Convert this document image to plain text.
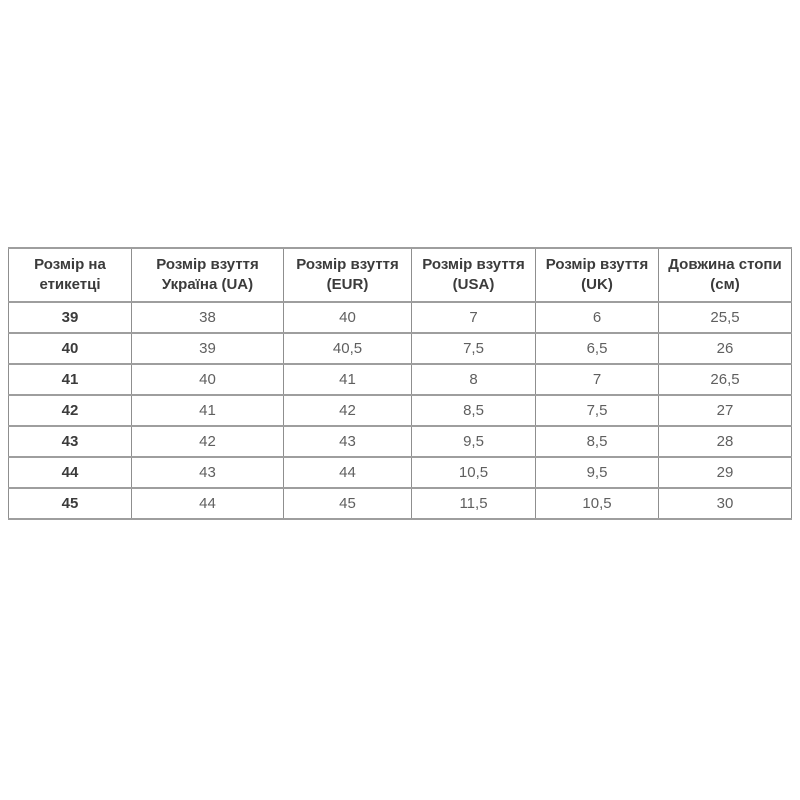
Розмір на етикетці	Розмір взуття Україна (UA)	Розмір взуття (EUR)	Розмір взуття (USA)	Розмір взуття (UK)	Довжина стопи (см)
39	38	40	7	6	25,5
40	39	40,5	7,5	6,5	26
41	40	41	8	7	26,5
42	41	42	8,5	7,5	27
43	42	43	9,5	8,5	28
44	43	44	10,5	9,5	29
45	44	45	11,5	10,5	30
